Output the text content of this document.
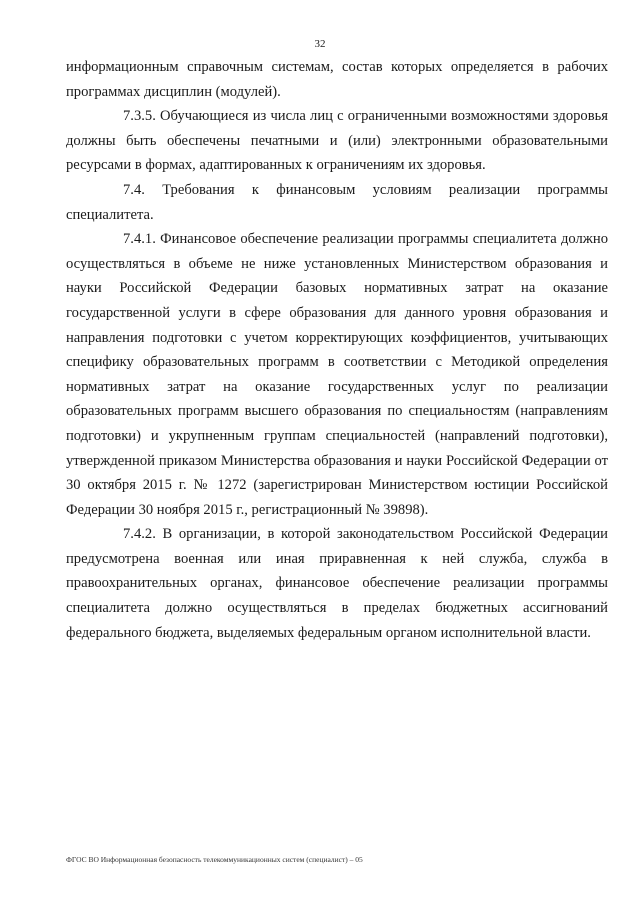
32

информационным справочным системам, состав которых определяется в рабочих программах дисциплин (модулей).

7.3.5. Обучающиеся из числа лиц с ограниченными возможностями здоровья должны быть обеспечены печатными и (или) электронными образовательными ресурсами в формах, адаптированных к ограничениям их здоровья.

7.4. Требования к финансовым условиям реализации программы специалитета.

7.4.1. Финансовое обеспечение реализации программы специалитета должно осуществляться в объеме не ниже установленных Министерством образования и науки Российской Федерации базовых нормативных затрат на оказание государственной услуги в сфере образования для данного уровня образования и направления подготовки с учетом корректирующих коэффициентов, учитывающих специфику образовательных программ в соответствии с Методикой определения нормативных затрат на оказание государственных услуг по реализации образовательных программ высшего образования по специальностям (направлениям подготовки) и укрупненным группам специальностей (направлений подготовки), утвержденной приказом Министерства образования и науки Российской Федерации от 30 октября 2015 г. № 1272 (зарегистрирован Министерством юстиции Российской Федерации 30 ноября 2015 г., регистрационный № 39898).

7.4.2. В организации, в которой законодательством Российской Федерации предусмотрена военная или иная приравненная к ней служба, служба в правоохранительных органах, финансовое обеспечение реализации программы специалитета должно осуществляться в пределах бюджетных ассигнований федерального бюджета, выделяемых федеральным органом исполнительной власти.

ФГОС ВО Информационная безопасность телекоммуникационных систем (специалист) – 05
